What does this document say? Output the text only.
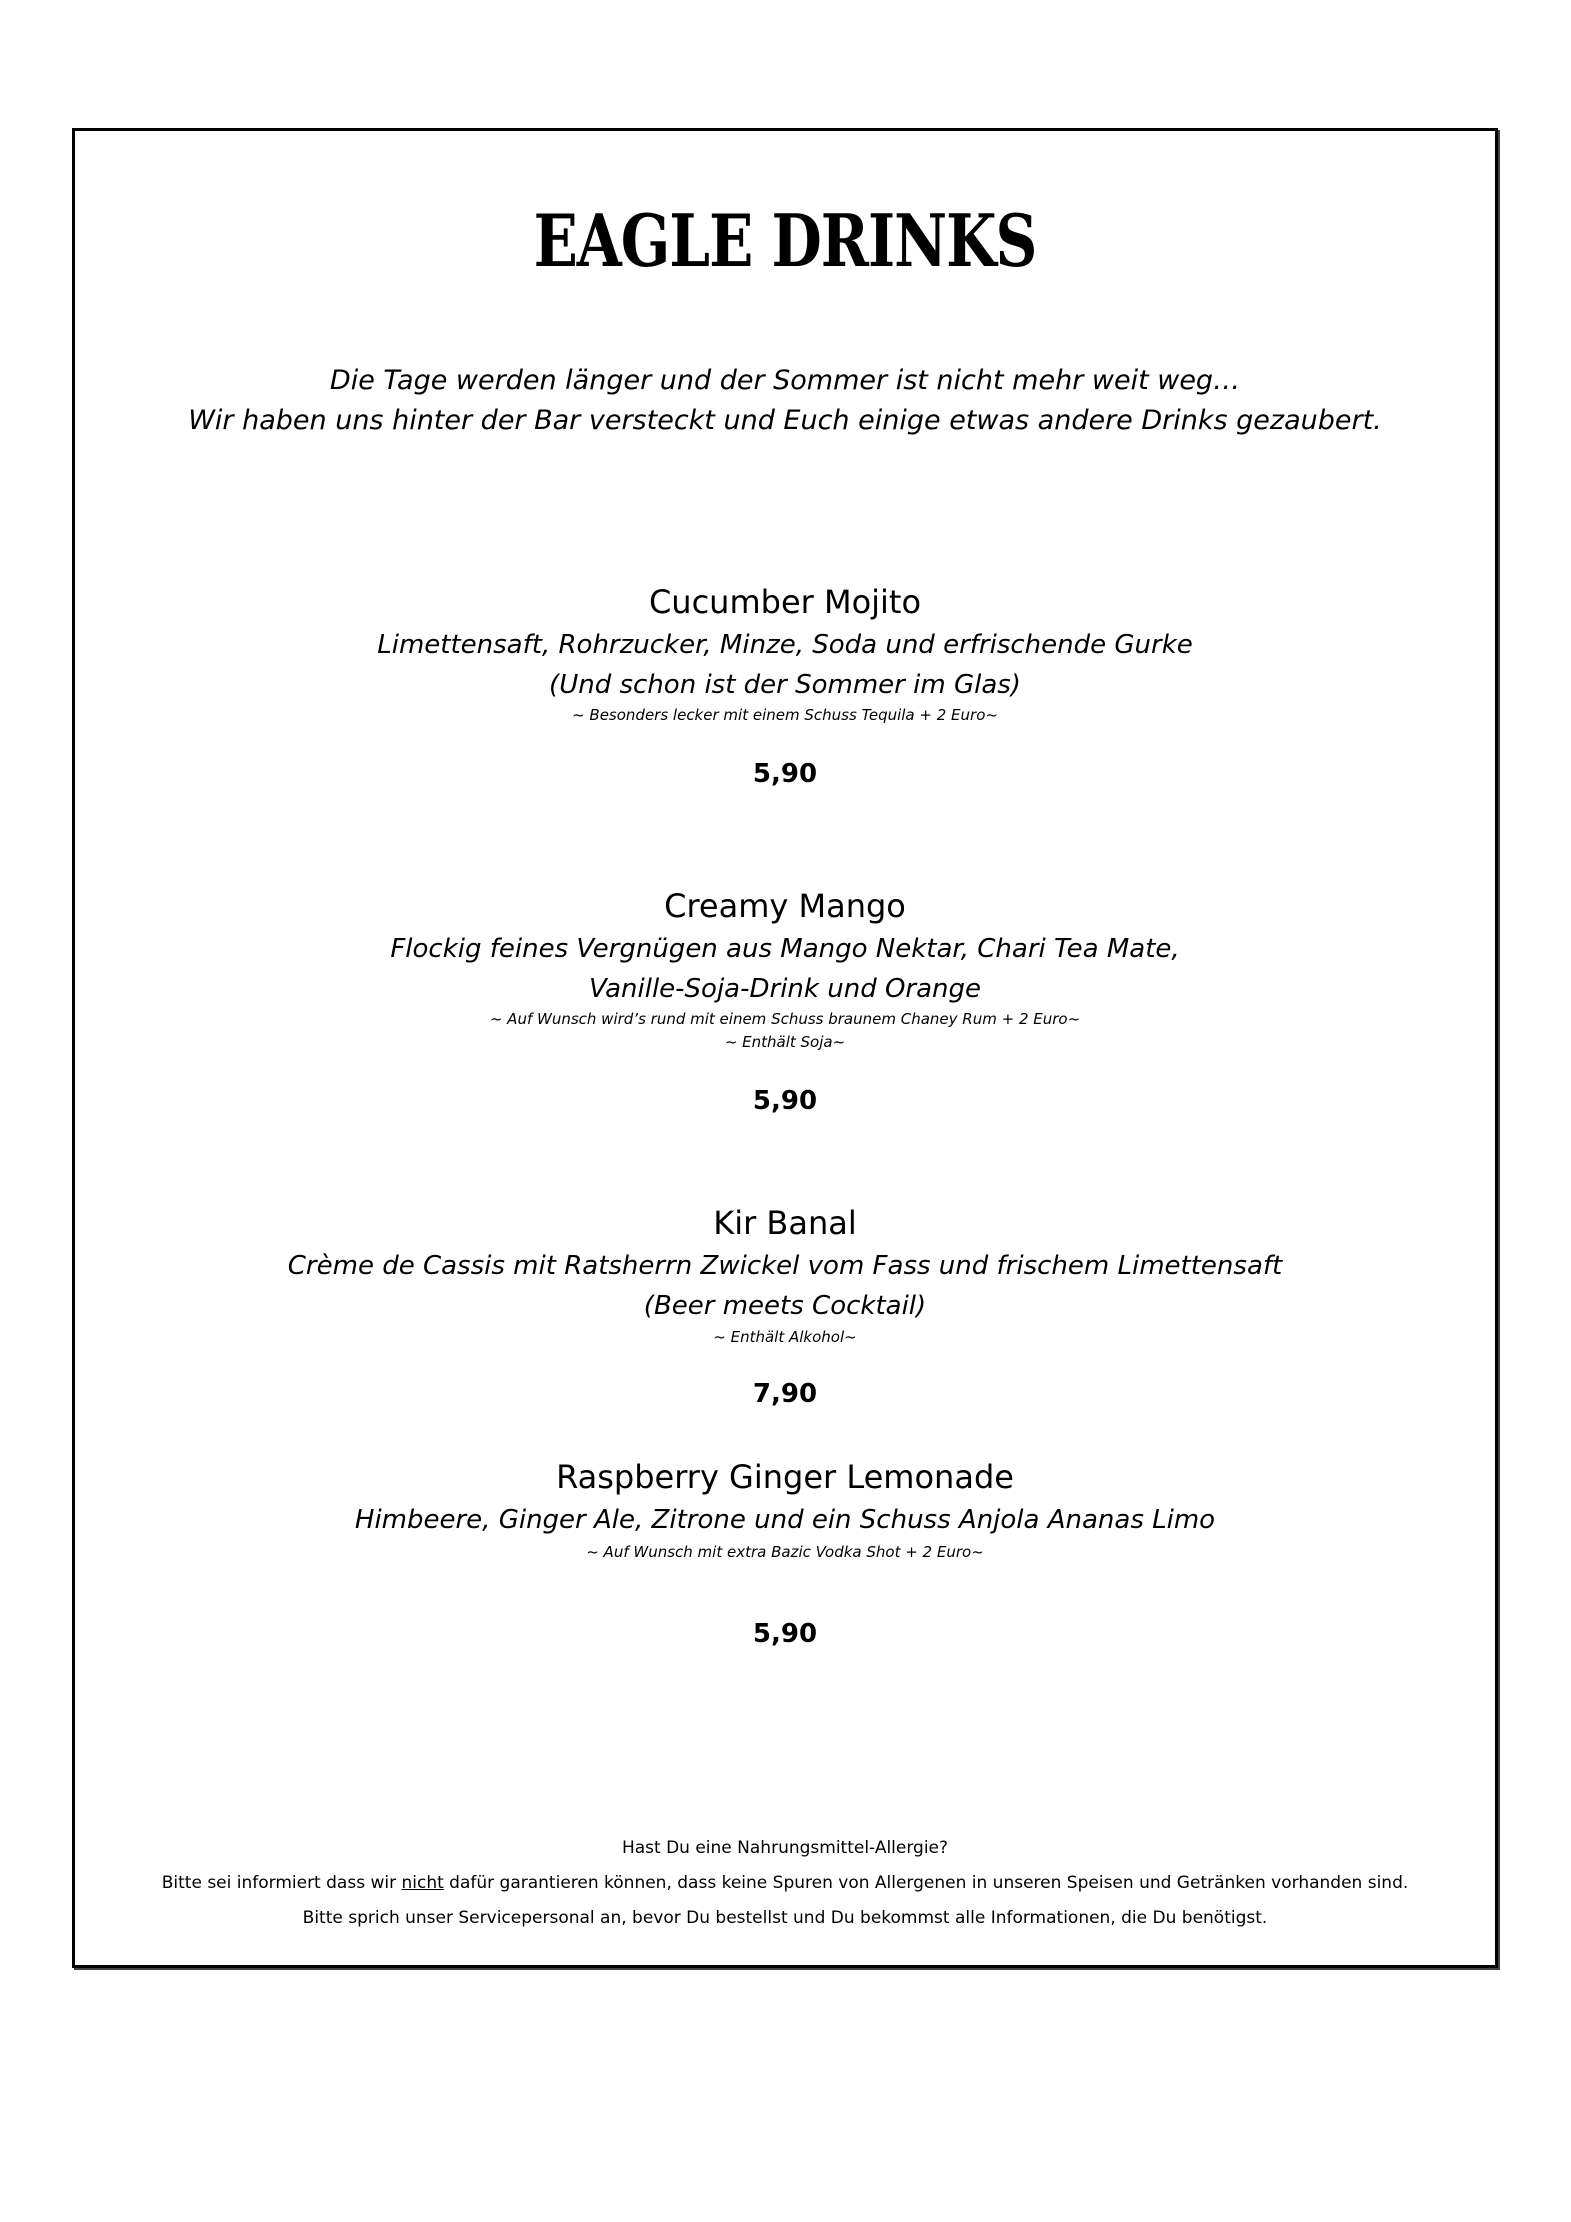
EAGLE DRINKS
Die Tage werden länger und der Sommer ist nicht mehr weit weg…
Wir haben uns hinter der Bar versteckt und Euch einige etwas andere Drinks gezaubert.
Cucumber Mojito
Limettensaft, Rohrzucker, Minze, Soda und erfrischende Gurke
(Und schon ist der Sommer im Glas)
~ Besonders lecker mit einem Schuss Tequila + 2 Euro~
5,90
Creamy Mango
Flockig feines Vergnügen aus Mango Nektar, Chari Tea Mate,
Vanille-Soja-Drink und Orange
~ Auf Wunsch wird’s rund mit einem Schuss braunem Chaney Rum + 2 Euro~
~ Enthält Soja~
5,90
Kir Banal
Crème de Cassis mit Ratsherrn Zwickel vom Fass und frischem Limettensaft
(Beer meets Cocktail)
~ Enthält Alkohol~
7,90
Raspberry Ginger Lemonade
Himbeere, Ginger Ale, Zitrone und ein Schuss Anjola Ananas Limo
~ Auf Wunsch mit extra Bazic Vodka Shot + 2 Euro~
5,90
Hast Du eine Nahrungsmittel-Allergie?
Bitte sei informiert dass wir nicht dafür garantieren können, dass keine Spuren von Allergenen in unseren Speisen und Getränken vorhanden sind.
Bitte sprich unser Servicepersonal an, bevor Du bestellst und Du bekommst alle Informationen, die Du benötigst.
